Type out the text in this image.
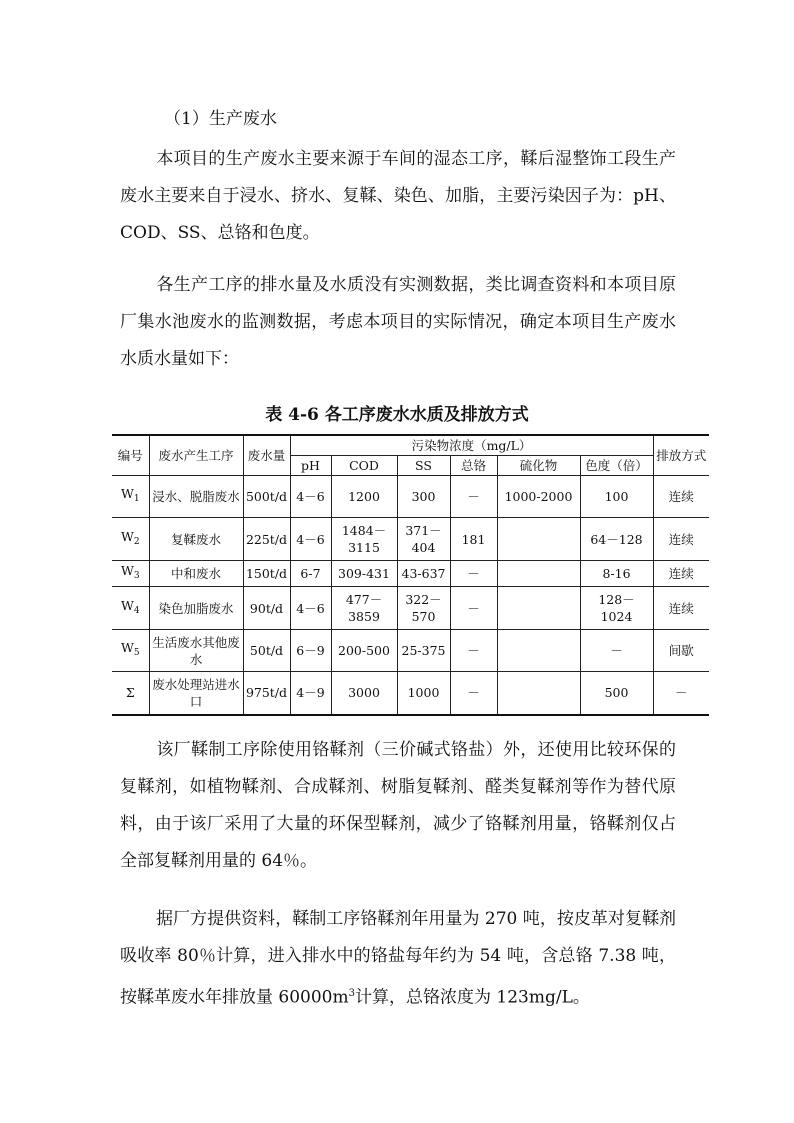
（1）生产废水

本项目的生产废水主要来源于车间的湿态工序，鞣后湿整饰工段生产废水主要来自于浸水、挤水、复鞣、染色、加脂，主要污染因子为：pH、COD、SS、总铬和色度。

各生产工序的排水量及水质没有实测数据，类比调查资料和本项目原厂集水池废水的监测数据，考虑本项目的实际情况，确定本项目生产废水水质水量如下：

表 4-6 各工序废水水质及排放方式
编号	废水产生工序	废水量	污染物浓度（mg/L）						排放方式
			pH	COD	SS	总铬	硫化物	色度（倍）	
$W_1$	浸水、脱脂废水	500t/d	4－6	1200	300	－	1000-2000	100	连续
$W_2$	复鞣废水	225t/d	4－6	1484－3115	371－404	181		64－128	连续
$W_3$	中和废水	150t/d	6-7	309-431	43-637	－		8-16	连续
$W_4$	染色加脂废水	90t/d	4－6	477－3859	322－570	－		128－1024	连续
$W_5$	生活废水其他废水	50t/d	6－9	200-500	25-375	－		－	间歇
Σ	废水处理站进水口	975t/d	4－9	3000	1000	－		500	－

该厂鞣制工序除使用铬鞣剂（三价碱式铬盐）外，还使用比较环保的复鞣剂，如植物鞣剂、合成鞣剂、树脂复鞣剂、醛类复鞣剂等作为替代原料，由于该厂采用了大量的环保型鞣剂，减少了铬鞣剂用量，铬鞣剂仅占全部复鞣剂用量的 64％。

据厂方提供资料，鞣制工序铬鞣剂年用量为 270 吨，按皮革对复鞣剂吸收率 80％计算，进入排水中的铬盐每年约为 54 吨，含总铬 7.38 吨，按鞣革废水年排放量 $60000m^3$计算，总铬浓度为 123mg/L。
